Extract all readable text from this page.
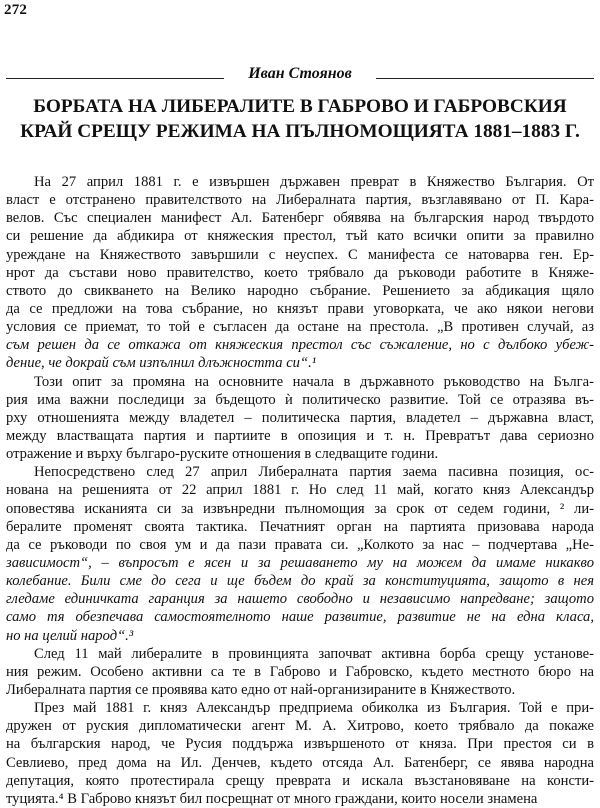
272
Иван Стоянов
БОРБАТА НА ЛИБЕРАЛИТЕ В ГАБРОВО И ГАБРОВСКИЯ
КРАЙ СРЕЩУ РЕЖИМА НА ПЪЛНОМОЩИЯТА 1881–1883 Г.
На 27 април 1881 г. е извършен държавен преврат в Княжество България. От
власт е отстранено правителството на Либералната партия, възглавявано от П. Кара-
велов. Със специален манифест Ал. Батенберг обявява на българския народ твърдото
си решение да абдикира от княжеския престол, тъй като всички опити за правилно
уреждане на Княжеството завършили с неуспех. С манифеста се натоварва ген. Ер-
нрот да състави ново правителство, което трябвало да ръководи работите в Княже-
ството до свикването на Велико народно събрание. Решението за абдикация щяло
да се предложи на това събрание, но князът прави уговорката, че ако някои негови
условия се приемат, то той е съгласен да остане на престола. „В противен случай, аз
съм решен да се откажа от княжеския престол със съжаление, но с дълбоко убеж-
дение, че докрай съм изпълнил длъжността си“.¹
Този опит за промяна на основните начала в държавното ръководство на Бълга-
рия има важни последици за бъдещото ѝ политическо развитие. Той се отразява въ-
рху отношенията между владетел – политическа партия, владетел – държавна власт,
между властващата партия и партиите в опозиция и т. н. Превратът дава сериозно
отражение и върху българо-руските отношения в следващите години.
Непосредствено след 27 април Либералната партия заема пасивна позиция, ос-
нована на решенията от 22 април 1881 г. Но след 11 май, когато княз Александър
оповестява исканията си за извънредни пълномощия за срок от седем години, ² ли-
бералите променят своята тактика. Печатният орган на партията призовава народа
да се ръководи по своя ум и да пази правата си. „Колкото за нас – подчертава „Не-
зависимост“, – въпросът е ясен и за решаването му на можем да имаме никакво
колебание. Били сме до сега и ще бъдем до край за конституцията, защото в нея
гледаме единичката гаранция за нашето свободно и независимо напредване; защото
само тя обезпечава самостоятелното наше развитие, развитие не на една класа,
но на целий народ“.³
След 11 май либералите в провинцията започват активна борба срещу установе-
ния режим. Особено активни са те в Габрово и Габровско, където местното бюро на
Либералната партия се проявява като едно от най-организираните в Княжеството.
През май 1881 г. княз Александър предприема обиколка из България. Той е при-
дружен от руския дипломатически агент М. А. Хитрово, което трябвало да покаже
на българския народ, че Русия поддържа извършеното от княза. При престоя си в
Севлиево, пред дома на Ил. Денчев, където отсяда Ал. Батенберг, се явява народна
депутация, която протестирала срещу преврата и искала възстановяване на консти-
туцията.⁴ В Габрово князът бил посрещнат от много граждани, които носели знамена
